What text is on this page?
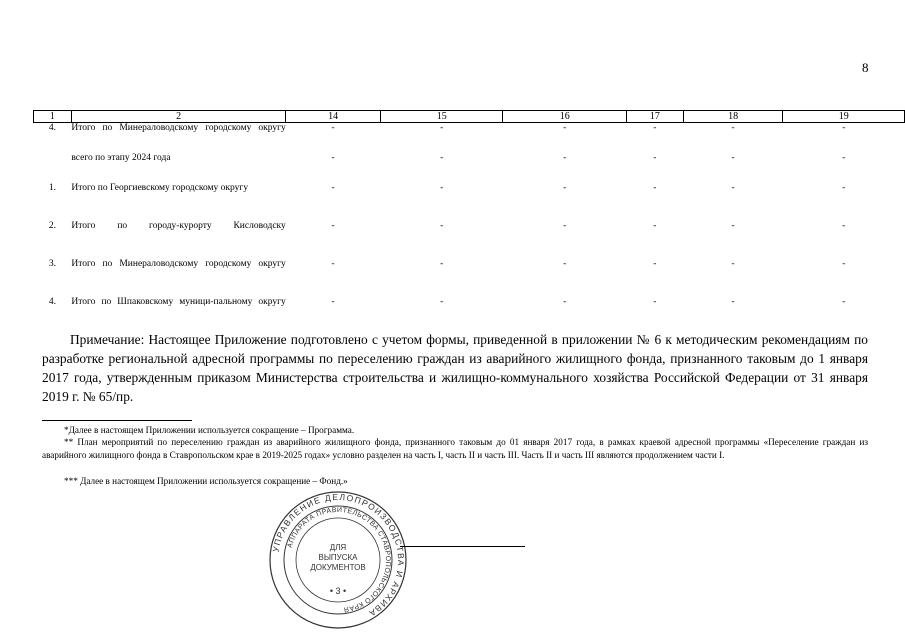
8
1	2	14	15	16	17	18	19
4.	Итого по Минераловодскому городскому округу	-	-	-	-	-	-
	всего по этапу 2024 года	-	-	-	-	-	-
1.	Итого по Георгиевскому городскому округу	-	-	-	-	-	-
2.	Итого по городу-курорту Кисловодску	-	-	-	-	-	-
3.	Итого по Минераловодскому городскому округу	-	-	-	-	-	-
4.	Итого по Шпаковскому муници-пальному округу	-	-	-	-	-	-
Примечание: Настоящее Приложение подготовлено с учетом формы, приведенной в приложении № 6 к методическим рекомендациям по разработке региональной адресной программы по переселению граждан из аварийного жилищного фонда, признанного таковым до 1 января 2017 года, утвержденным приказом Министерства строительства и жилищно-коммунального хозяйства Российской Федерации от 31 января 2019 г. № 65/пр.
*Далее в настоящем Приложении используется сокращение – Программа.
** План мероприятий по переселению граждан из аварийного жилищного фонда, признанного таковым до 01 января 2017 года, в рамках краевой адресной программы «Переселение граждан из аварийного жилищного фонда в Ставропольском крае в 2019-2025 годах» условно разделен на часть I, часть II и часть III. Часть II и часть III являются продолжением части I.
*** Далее в настоящем Приложении используется сокращение – Фонд.»
УПРАВЛЕНИЕ ДЕЛОПРОИЗВОДСТВА И АРХИВА
АППАРАТА ПРАВИТЕЛЬСТВА СТАВРОПОЛЬСКОГО КРАЯ
ДЛЯ
ВЫПУСКА
ДОКУМЕНТОВ
• 3 •
